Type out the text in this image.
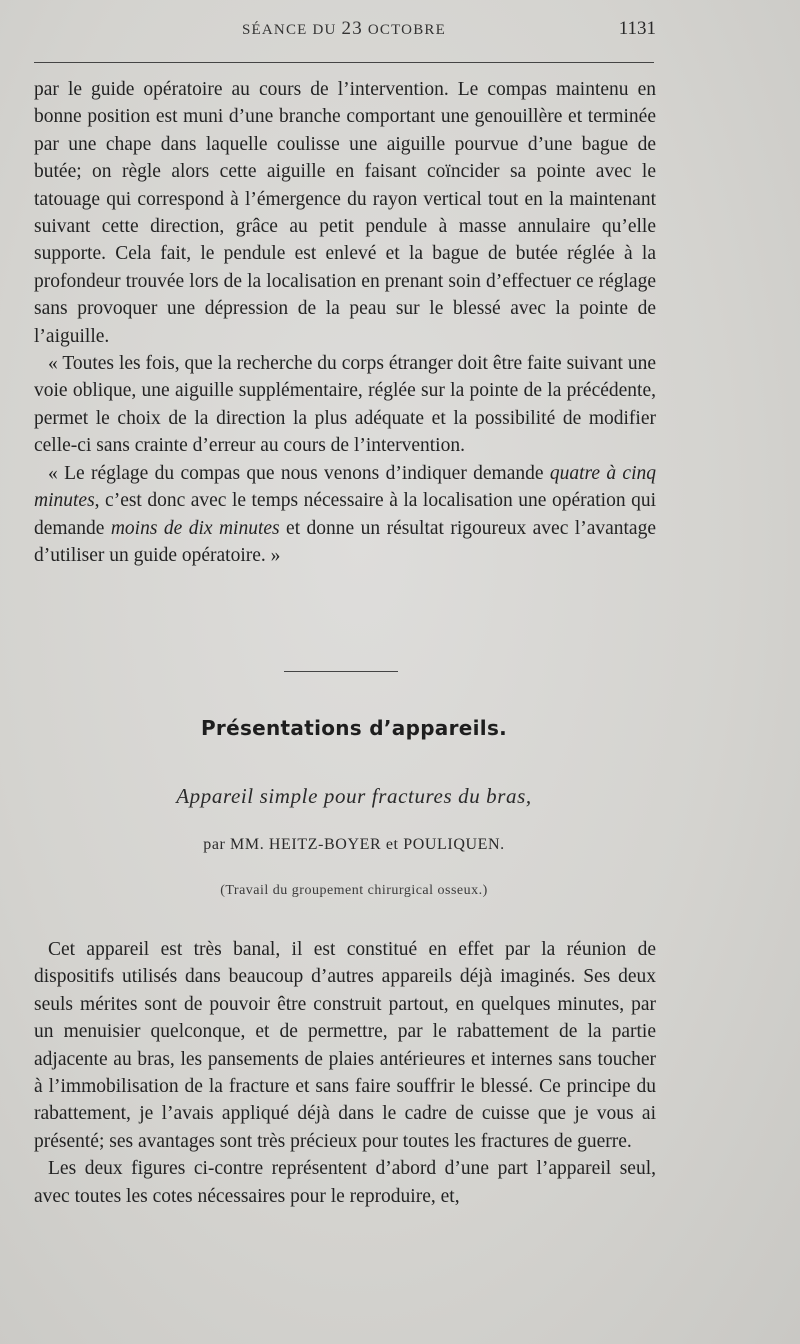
SÉANCE DU 23 OCTOBRE	1131

par le guide opératoire au cours de l’intervention. Le compas maintenu en bonne position est muni d’une branche comportant une genouillère et terminée par une chape dans laquelle coulisse une aiguille pourvue d’une bague de butée; on règle alors cette aiguille en faisant coïncider sa pointe avec le tatouage qui correspond à l’émergence du rayon vertical tout en la maintenant suivant cette direction, grâce au petit pendule à masse annulaire qu’elle supporte. Cela fait, le pendule est enlevé et la bague de butée réglée à la profondeur trouvée lors de la localisation en prenant soin d’effectuer ce réglage sans provoquer une dépression de la peau sur le blessé avec la pointe de l’aiguille.

« Toutes les fois, que la recherche du corps étranger doit être faite suivant une voie oblique, une aiguille supplémentaire, réglée sur la pointe de la précédente, permet le choix de la direction la plus adéquate et la possibilité de modifier celle-ci sans crainte d’erreur au cours de l’intervention.

« Le réglage du compas que nous venons d’indiquer demande quatre à cinq minutes, c’est donc avec le temps nécessaire à la localisation une opération qui demande moins de dix minutes et donne un résultat rigoureux avec l’avantage d’utiliser un guide opératoire. »

Présentations d’appareils.
Appareil simple pour fractures du bras,
par MM. HEITZ-BOYER et POULIQUEN.
(Travail du groupement chirurgical osseux.)

Cet appareil est très banal, il est constitué en effet par la réunion de dispositifs utilisés dans beaucoup d’autres appareils déjà imaginés. Ses deux seuls mérites sont de pouvoir être construit partout, en quelques minutes, par un menuisier quelconque, et de permettre, par le rabattement de la partie adjacente au bras, les pansements de plaies antérieures et internes sans toucher à l’immobilisation de la fracture et sans faire souffrir le blessé. Ce principe du rabattement, je l’avais appliqué déjà dans le cadre de cuisse que je vous ai présenté; ses avantages sont très précieux pour toutes les fractures de guerre.

Les deux figures ci-contre représentent d’abord d’une part l’appareil seul, avec toutes les cotes nécessaires pour le reproduire, et,
